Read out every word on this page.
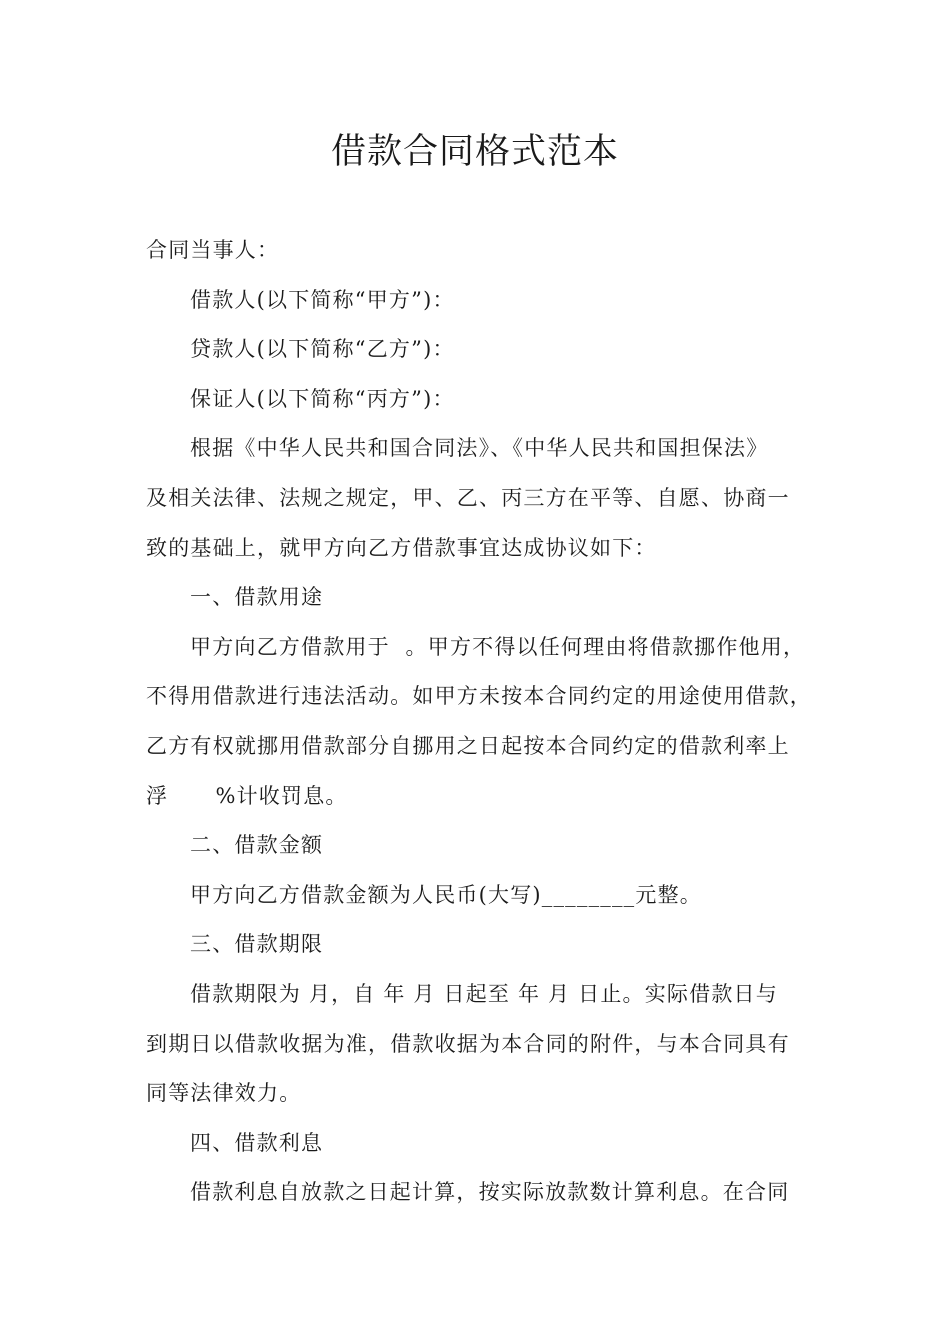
借款合同格式范本

合同当事人：

借款人(以下简称“甲方”)：

贷款人(以下简称“乙方”)：

保证人(以下简称“丙方”)：

根据《中华人民共和国合同法》、《中华人民共和国担保法》

及相关法律、法规之规定，甲、乙、丙三方在平等、自愿、协商一

致的基础上，就甲方向乙方借款事宜达成协议如下：

一、借款用途

甲方向乙方借款用于  。甲方不得以任何理由将借款挪作他用，

不得用借款进行违法活动。如甲方未按本合同约定的用途使用借款，

乙方有权就挪用借款部分自挪用之日起按本合同约定的借款利率上

浮      %计收罚息。

二、借款金额

甲方向乙方借款金额为人民币(大写)________元整。

三、借款期限

借款期限为 月，自 年 月 日起至 年 月 日止。实际借款日与

到期日以借款收据为准，借款收据为本合同的附件，与本合同具有

同等法律效力。

四、借款利息

借款利息自放款之日起计算，按实际放款数计算利息。在合同
